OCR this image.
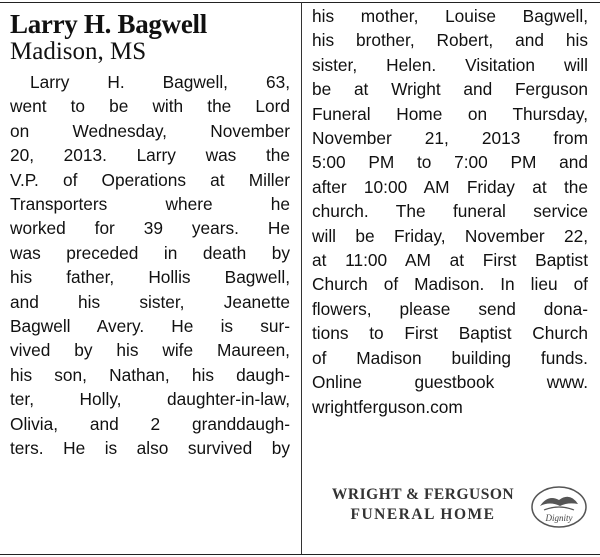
Larry H. Bagwell
Madison, MS
Larry H. Bagwell, 63,
went to be with the Lord
on Wednesday, November
20, 2013. Larry was the
V.P. of Operations at Miller
Transporters where he
worked for 39 years. He
was preceded in death by
his father, Hollis Bagwell,
and his sister, Jeanette
Bagwell Avery. He is sur-
vived by his wife Maureen,
his son, Nathan, his daugh-
ter, Holly, daughter-in-law,
Olivia, and 2 granddaugh-
ters. He is also survived by
his mother, Louise Bagwell,
his brother, Robert, and his
sister, Helen. Visitation will
be at Wright and Ferguson
Funeral Home on Thursday,
November 21, 2013 from
5:00 PM to 7:00 PM and
after 10:00 AM Friday at the
church. The funeral service
will be Friday, November 22,
at 11:00 AM at First Baptist
Church of Madison. In lieu of
flowers, please send dona-
tions to First Baptist Church
of Madison building funds.
Online guestbook www.
wrightferguson.com
WRIGHT & FERGUSON
FUNERAL HOME	Dignity
